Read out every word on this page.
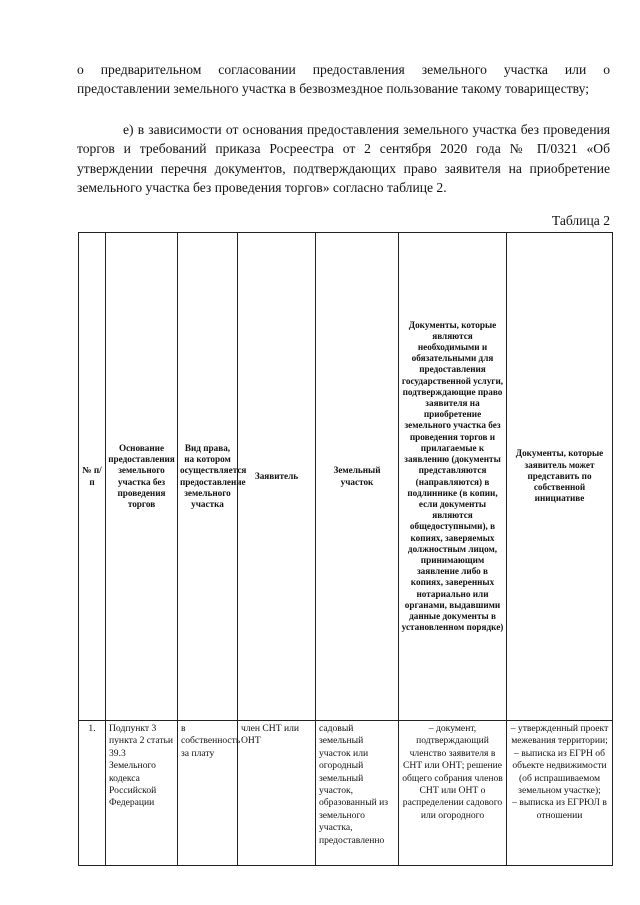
о предварительном согласовании предоставления земельного участка или о предоставлении земельного участка в безвозмездное пользование такому товариществу;

е) в зависимости от основания предоставления земельного участка без проведения торгов и требований приказа Росреестра от 2 сентября 2020 года № П/0321 «Об утверждении перечня документов, подтверждающих право заявителя на приобретение земельного участка без проведения торгов» согласно таблице 2.

Таблица 2
№ п/п	Основание предоставления земельного участка без проведения торгов	Вид права, на котором осуществляется предоставление земельного участка	Заявитель	Земельный участок	Документы, которые являются необходимыми и обязательными для предоставления государственной услуги, подтверждающие право заявителя на приобретение земельного участка без проведения торгов и прилагаемые к заявлению (документы представляются (направляются) в подлиннике (в копии, если документы являются общедоступными), в копиях, заверяемых должностным лицом, принимающим заявление либо в копиях, заверенных нотариально или органами, выдавшими данные документы в установленном порядке)	Документы, которые заявитель может представить по собственной инициативе
1.	Подпункт 3 пункта 2 статьи 39.3 Земельного кодекса Российской Федерации	в собственность за плату	член СНТ или ОНТ	садовый земельный участок или огородный земельный участок, образованный из земельного участка, предоставленно	– документ, подтверждающий членство заявителя в СНТ или ОНТ; решение общего собрания членов СНТ или ОНТ о распределении садового или огородного	– утвержденный проект межевания территории;
– выписка из ЕГРН об объекте недвижимости (об испрашиваемом земельном участке);
– выписка из ЕГРЮЛ в отношении
